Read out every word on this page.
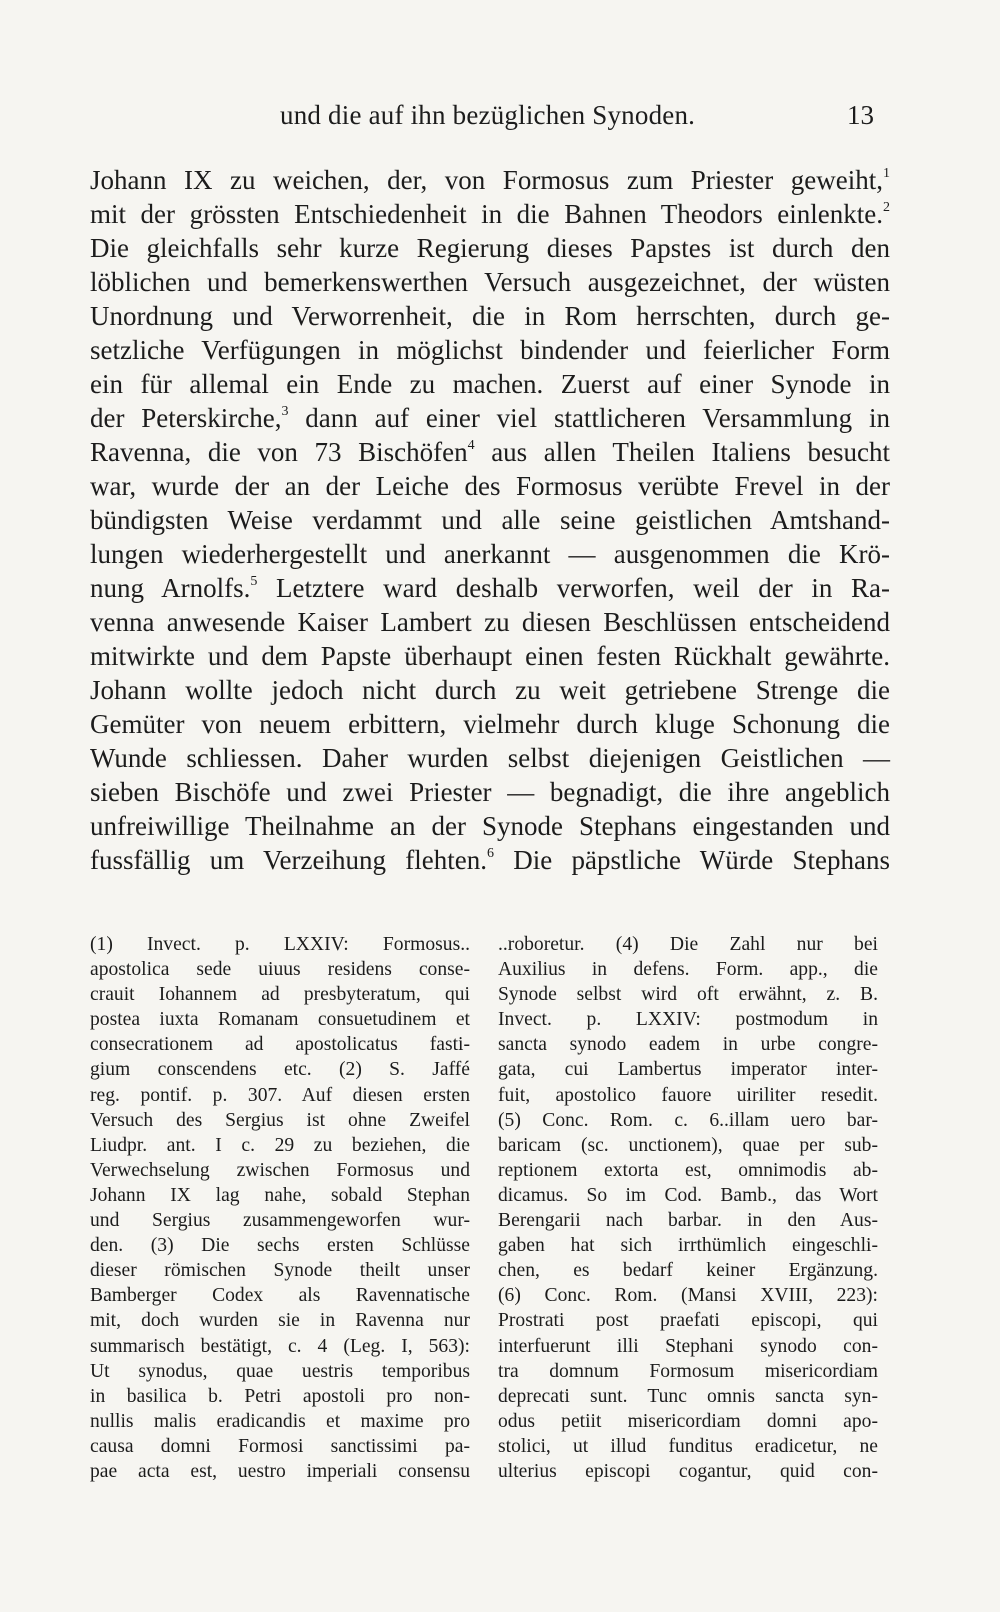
und die auf ihn bezüglichen Synoden.	13
Johann IX zu weichen, der, von Formosus zum Priester geweiht,$^1$
mit der grössten Entschiedenheit in die Bahnen Theodors einlenkte.$^2$
Die gleichfalls sehr kurze Regierung dieses Papstes ist durch den
löblichen und bemerkenswerthen Versuch ausgezeichnet, der wüsten
Unordnung und Verworrenheit, die in Rom herrschten, durch ge-
setzliche Verfügungen in möglichst bindender und feierlicher Form
ein für allemal ein Ende zu machen. Zuerst auf einer Synode in
der Peterskirche,$^3$ dann auf einer viel stattlicheren Versammlung in
Ravenna, die von 73 Bischöfen$^4$ aus allen Theilen Italiens besucht
war, wurde der an der Leiche des Formosus verübte Frevel in der
bündigsten Weise verdammt und alle seine geistlichen Amtshand-
lungen wiederhergestellt und anerkannt — ausgenommen die Krö-
nung Arnolfs.$^5$ Letztere ward deshalb verworfen, weil der in Ra-
venna anwesende Kaiser Lambert zu diesen Beschlüssen entscheidend
mitwirkte und dem Papste überhaupt einen festen Rückhalt gewährte.
Johann wollte jedoch nicht durch zu weit getriebene Strenge die
Gemüter von neuem erbittern, vielmehr durch kluge Schonung die
Wunde schliessen. Daher wurden selbst diejenigen Geistlichen —
sieben Bischöfe und zwei Priester — begnadigt, die ihre angeblich
unfreiwillige Theilnahme an der Synode Stephans eingestanden und
fussfällig um Verzeihung flehten.$^6$ Die päpstliche Würde Stephans
(1) Invect. p. LXXIV: Formosus..
apostolica sede uiuus residens conse-
crauit Iohannem ad presbyteratum, qui
postea iuxta Romanam consuetudinem et
consecrationem ad apostolicatus fasti-
gium conscendens etc. (2) S. Jaffé
reg. pontif. p. 307. Auf diesen ersten
Versuch des Sergius ist ohne Zweifel
Liudpr. ant. I c. 29 zu beziehen, die
Verwechselung zwischen Formosus und
Johann IX lag nahe, sobald Stephan
und Sergius zusammengeworfen wur-
den. (3) Die sechs ersten Schlüsse
dieser römischen Synode theilt unser
Bamberger Codex als Ravennatische
mit, doch wurden sie in Ravenna nur
summarisch bestätigt, c. 4 (Leg. I, 563):
Ut synodus, quae uestris temporibus
in basilica b. Petri apostoli pro non-
nullis malis eradicandis et maxime pro
causa domni Formosi sanctissimi pa-
pae acta est, uestro imperiali consensu
..roboretur. (4) Die Zahl nur bei
Auxilius in defens. Form. app., die
Synode selbst wird oft erwähnt, z. B.
Invect. p. LXXIV: postmodum in
sancta synodo eadem in urbe congre-
gata, cui Lambertus imperator inter-
fuit, apostolico fauore uiriliter resedit.
(5) Conc. Rom. c. 6..illam uero bar-
baricam (sc. unctionem), quae per sub-
reptionem extorta est, omnimodis ab-
dicamus. So im Cod. Bamb., das Wort
Berengarii nach barbar. in den Aus-
gaben hat sich irrthümlich eingeschli-
chen, es bedarf keiner Ergänzung.
(6) Conc. Rom. (Mansi XVIII, 223):
Prostrati post praefati episcopi, qui
interfuerunt illi Stephani synodo con-
tra domnum Formosum misericordiam
deprecati sunt. Tunc omnis sancta syn-
odus petiit misericordiam domni apo-
stolici, ut illud funditus eradicetur, ne
ulterius episcopi cogantur, quid con-
